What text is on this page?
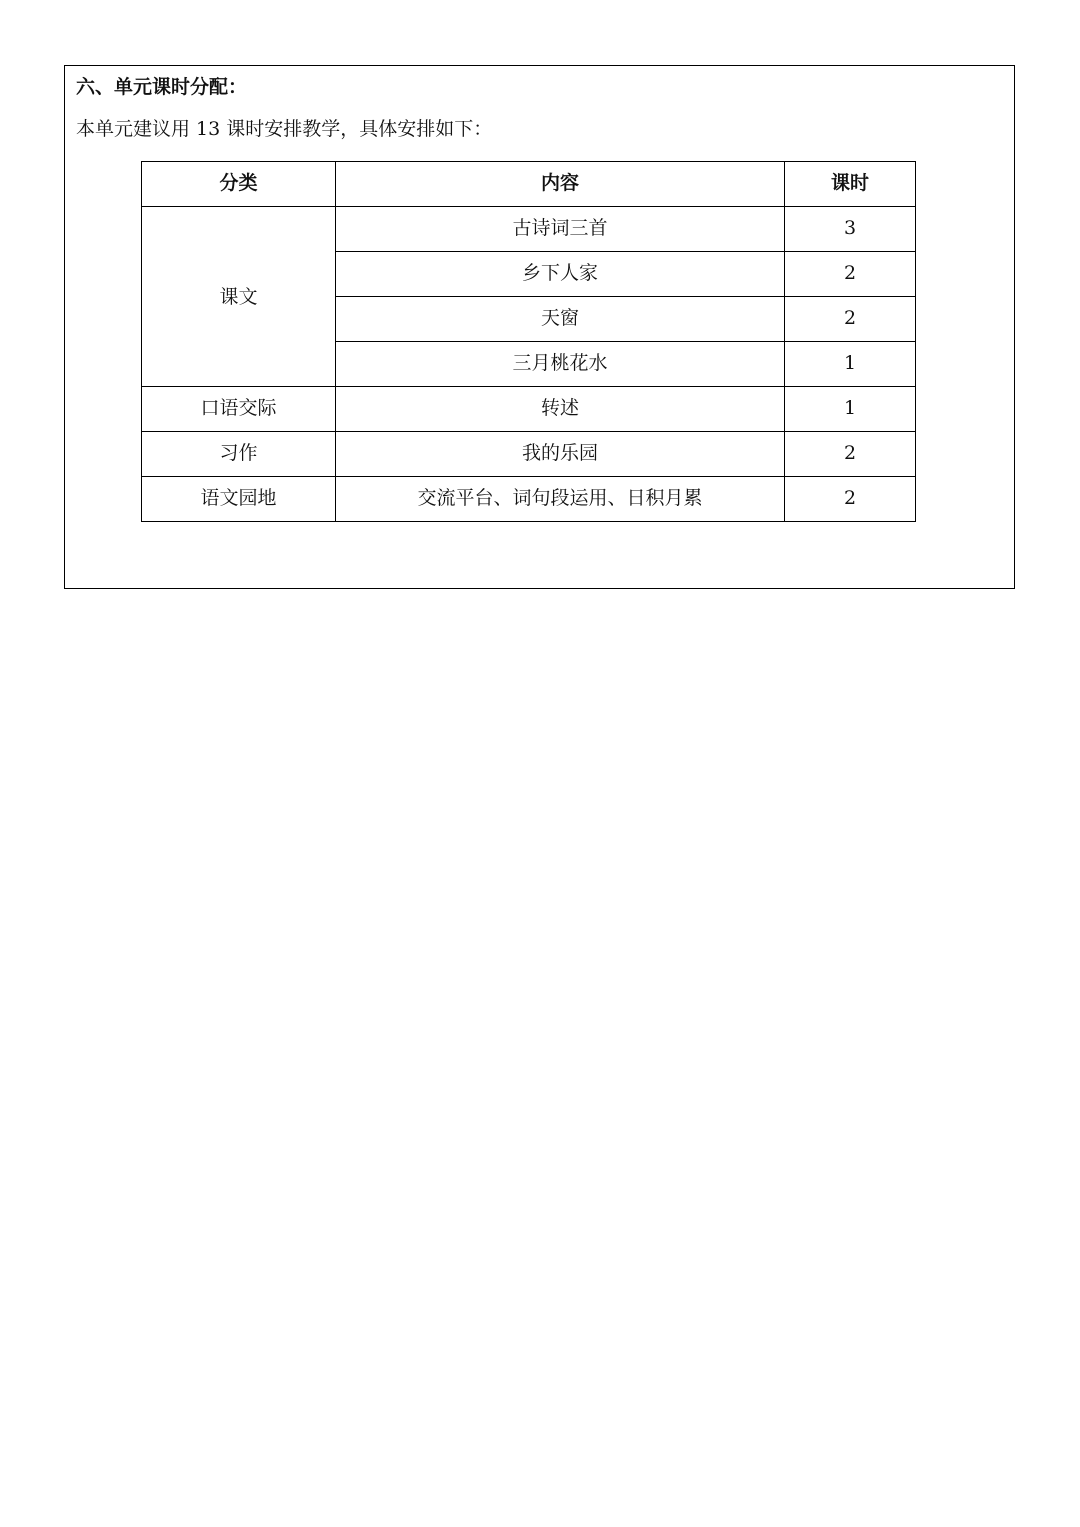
六、单元课时分配：
本单元建议用 13 课时安排教学，具体安排如下：
分类	内容	课时
课文	古诗词三首	3
	乡下人家	2
	天窗	2
	三月桃花水	1
口语交际	转述	1
习作	我的乐园	2
语文园地	交流平台、词句段运用、日积月累	2
